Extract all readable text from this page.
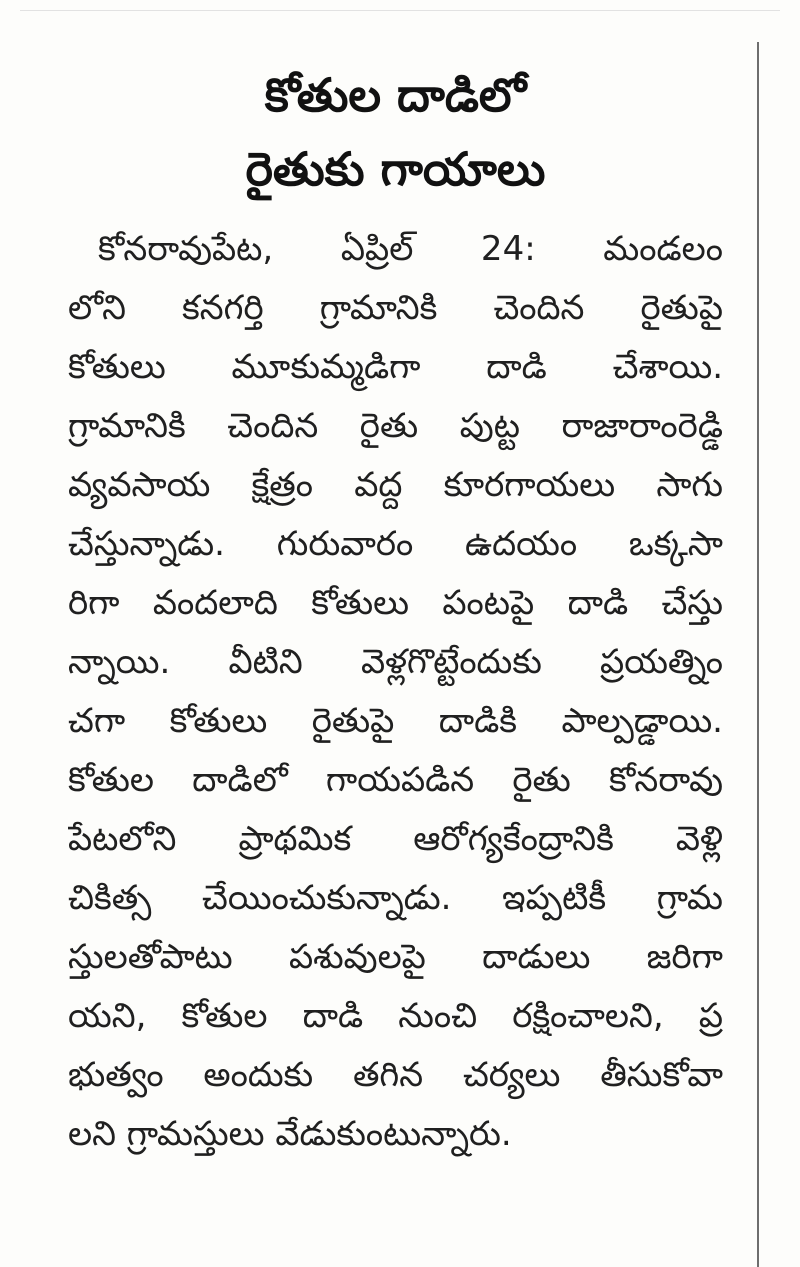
కోతుల దాడిలో
రైతుకు గాయాలు
కోనరావుపేట, ఏప్రిల్ 24: మండలం
లోని కనగర్తి గ్రామానికి చెందిన రైతుపై
కోతులు మూకుమ్మడిగా దాడి చేశాయి.
గ్రామానికి చెందిన రైతు పుట్ట రాజారాంరెడ్డి
వ్యవసాయ క్షేత్రం వద్ద కూరగాయలు సాగు
చేస్తున్నాడు. గురువారం ఉదయం ఒక్కసా
రిగా వందలాది కోతులు పంటపై దాడి చేస్తు
న్నాయి. వీటిని వెళ్లగొట్టేందుకు ప్రయత్నిం
చగా కోతులు రైతుపై దాడికి పాల్పడ్డాయి.
కోతుల దాడిలో గాయపడిన రైతు కోనరావు
పేటలోని ప్రాథమిక ఆరోగ్యకేంద్రానికి వెళ్లి
చికిత్స చేయించుకున్నాడు. ఇప్పటికీ గ్రామ
స్తులతోపాటు పశువులపై దాడులు జరిగా
యని, కోతుల దాడి నుంచి రక్షించాలని, ప్ర
భుత్వం అందుకు తగిన చర్యలు తీసుకోవా
లని గ్రామస్తులు వేడుకుంటున్నారు.
